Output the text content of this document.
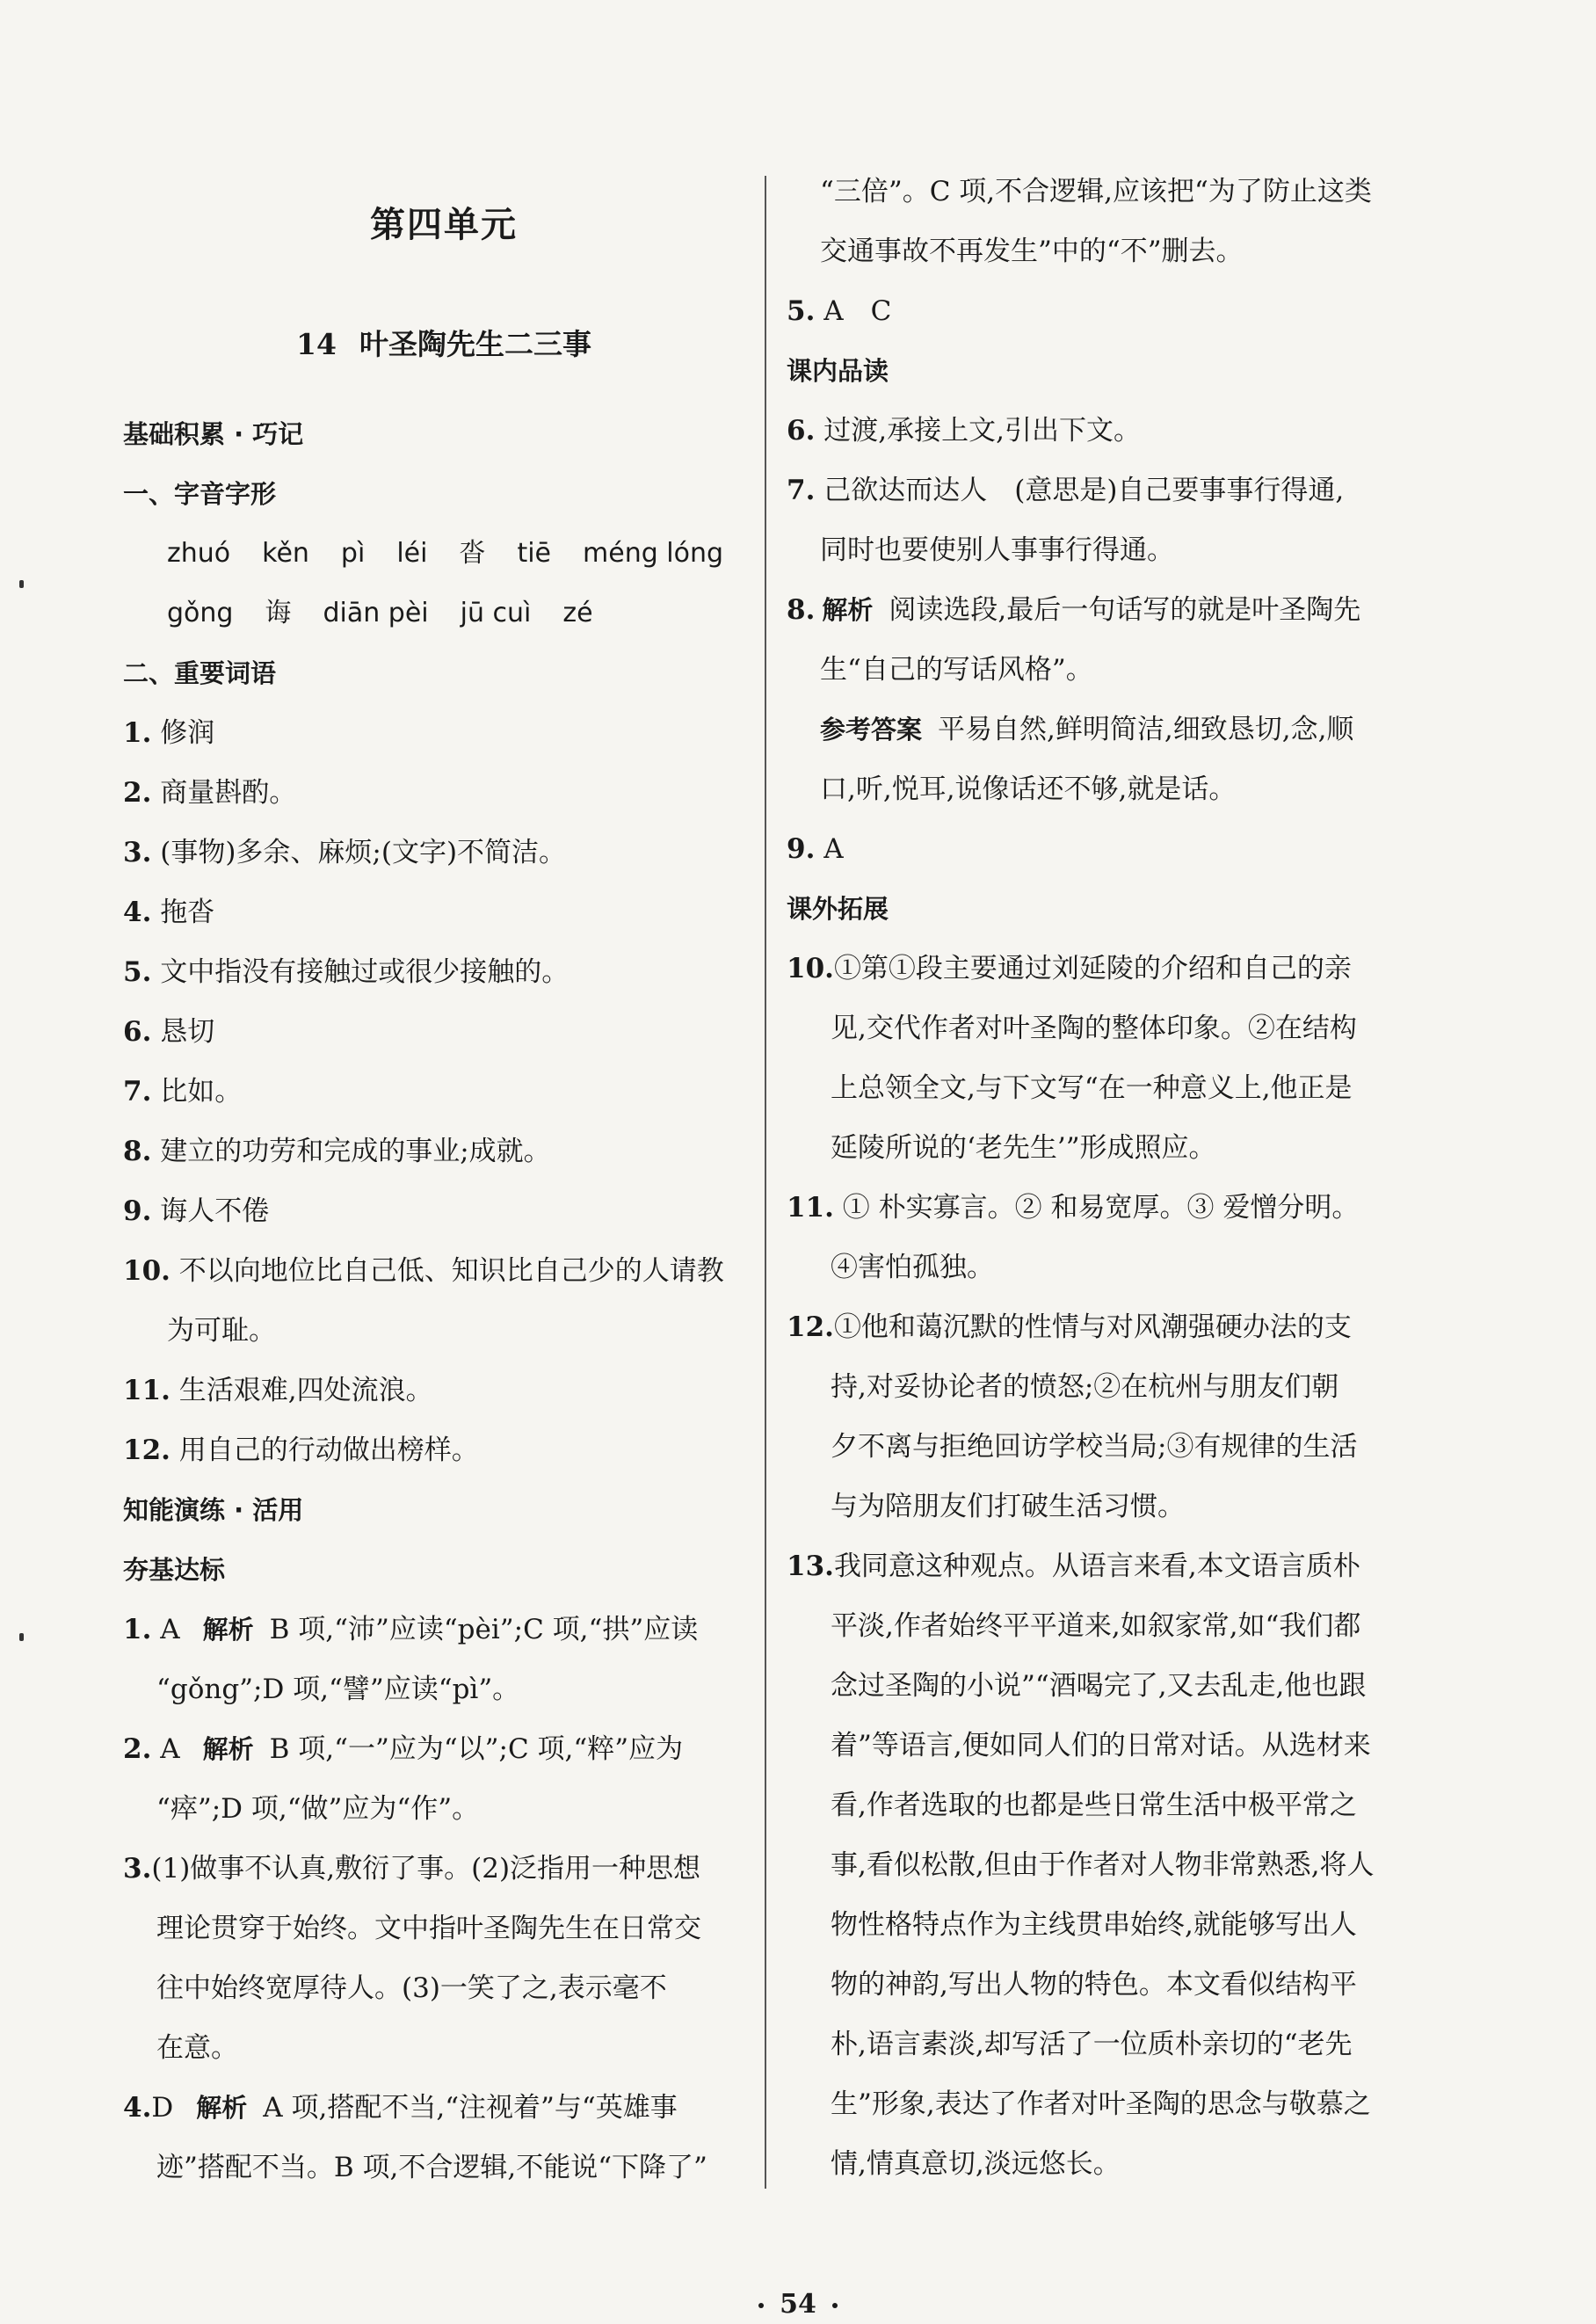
第四单元
14 叶圣陶先生二三事
基础积累 · 巧记
一、字音字形
zhuó kěn pì léi 沓 tiē méng lóng
gǒng 诲 diān pèi jū cuì zé
二、重要词语
1. 修润
2. 商量斟酌。
3. (事物)多余、麻烦;(文字)不简洁。
4. 拖沓
5. 文中指没有接触过或很少接触的。
6. 恳切
7. 比如。
8. 建立的功劳和完成的事业;成就。
9. 诲人不倦
10. 不以向地位比自己低、知识比自己少的人请教
为可耻。
11. 生活艰难,四处流浪。
12. 用自己的行动做出榜样。
知能演练 · 活用
夯基达标
1. A 解析 B 项,“沛”应读“pèi”;C 项,“拱”应读
“gǒng”;D 项,“譬”应读“pì”。
2. A 解析 B 项,“一”应为“以”;C 项,“粹”应为
“瘁”;D 项,“做”应为“作”。
3.(1)做事不认真,敷衍了事。(2)泛指用一种思想
理论贯穿于始终。文中指叶圣陶先生在日常交
往中始终宽厚待人。(3)一笑了之,表示毫不
在意。
4.D 解析 A 项,搭配不当,“注视着”与“英雄事
迹”搭配不当。B 项,不合逻辑,不能说“下降了”
“三倍”。C 项,不合逻辑,应该把“为了防止这类
交通事故不再发生”中的“不”删去。
5. A　C
课内品读
6. 过渡,承接上文,引出下文。
7. 己欲达而达人　(意思是)自己要事事行得通,
同时也要使别人事事行得通。
8. 解析 阅读选段,最后一句话写的就是叶圣陶先
生“自己的写话风格”。
参考答案 平易自然,鲜明简洁,细致恳切,念,顺
口,听,悦耳,说像话还不够,就是话。
9. A
课外拓展
10.①第①段主要通过刘延陵的介绍和自己的亲
见,交代作者对叶圣陶的整体印象。②在结构
上总领全文,与下文写“在一种意义上,他正是
延陵所说的‘老先生’”形成照应。
11. ① 朴实寡言。② 和易宽厚。③ 爱憎分明。
④害怕孤独。
12.①他和蔼沉默的性情与对风潮强硬办法的支
持,对妥协论者的愤怒;②在杭州与朋友们朝
夕不离与拒绝回访学校当局;③有规律的生活
与为陪朋友们打破生活习惯。
13.我同意这种观点。从语言来看,本文语言质朴
平淡,作者始终平平道来,如叙家常,如“我们都
念过圣陶的小说”“酒喝完了,又去乱走,他也跟
着”等语言,便如同人们的日常对话。从选材来
看,作者选取的也都是些日常生活中极平常之
事,看似松散,但由于作者对人物非常熟悉,将人
物性格特点作为主线贯串始终,就能够写出人
物的神韵,写出人物的特色。本文看似结构平
朴,语言素淡,却写活了一位质朴亲切的“老先
生”形象,表达了作者对叶圣陶的思念与敬慕之
情,情真意切,淡远悠长。
54
